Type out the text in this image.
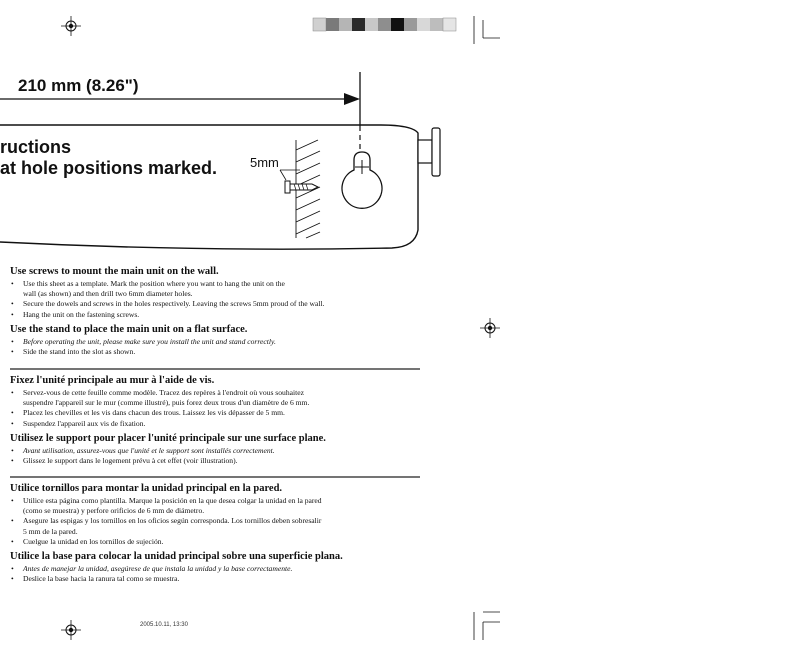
210 mm (8.26")
ructions
at hole positions marked.	5mm
Use screws to mount the main unit on the wall.
• Use this sheet as a template. Mark the position where you want to hang the unit on the
wall (as shown) and then drill two 6mm diameter holes.
• Secure the dowels and screws in the holes respectively. Leaving the screws 5mm proud of the wall.
• Hang the unit on the fastening screws.
Use the stand to place the main unit on a flat surface.
• Before operating the unit, please make sure you install the unit and stand correctly.
• Side the stand into the slot as shown.
Fixez l'unité principale au mur à l'aide de vis.
• Servez-vous de cette feuille comme modèle. Tracez des repères à l'endroit où vous souhaitez
suspendre l'appareil sur le mur (comme illustré), puis forez deux trous d'un diamètre de 6 mm.
• Placez les chevilles et les vis dans chacun des trous. Laissez les vis dépasser de 5 mm.
• Suspendez l'appareil aux vis de fixation.
Utilisez le support pour placer l'unité principale sur une surface plane.
• Avant utilisation, assurez-vous que l'unité et le support sont installés correctement.
• Glissez le support dans le logement prévu à cet effet (voir illustration).
Utilice tornillos para montar la unidad principal en la pared.
• Utilice esta página como plantilla. Marque la posición en la que desea colgar la unidad en la pared
(como se muestra) y perfore orificios de 6 mm de diámetro.
• Asegure las espigas y los tornillos en los oficios según corresponda. Los tornillos deben sobresalir
5 mm de la pared.
• Cuelgue la unidad en los tornillos de sujeción.
Utilice la base para colocar la unidad principal sobre una superficie plana.
• Antes de manejar la unidad, asegúrese de que instala la unidad y la base correctamente.
• Deslice la base hacia la ranura tal como se muestra.
2005.10.11, 13:30
